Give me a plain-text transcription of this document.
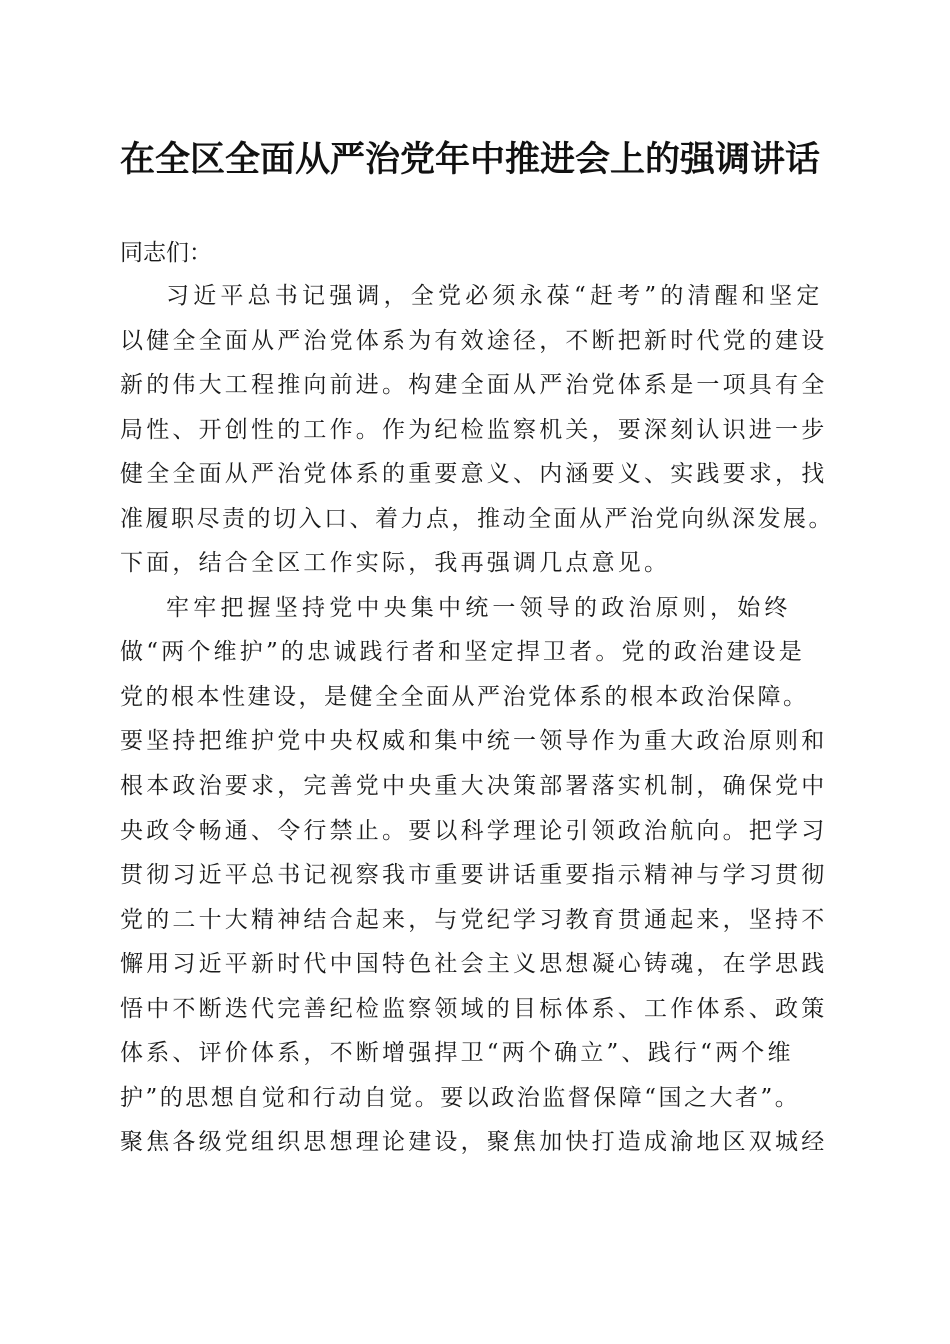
在全区全面从严治党年中推进会上的强调讲话
同志们：
习近平总书记强调，全党必须永葆“赶考”的清醒和坚定
以健全全面从严治党体系为有效途径，不断把新时代党的建设
新的伟大工程推向前进。构建全面从严治党体系是一项具有全
局性、开创性的工作。作为纪检监察机关，要深刻认识进一步
健全全面从严治党体系的重要意义、内涵要义、实践要求，找
准履职尽责的切入口、着力点，推动全面从严治党向纵深发展。
下面，结合全区工作实际，我再强调几点意见。
牢牢把握坚持党中央集中统一领导的政治原则，始终
做“两个维护”的忠诚践行者和坚定捍卫者。党的政治建设是
党的根本性建设，是健全全面从严治党体系的根本政治保障。
要坚持把维护党中央权威和集中统一领导作为重大政治原则和
根本政治要求，完善党中央重大决策部署落实机制，确保党中
央政令畅通、令行禁止。要以科学理论引领政治航向。把学习
贯彻习近平总书记视察我市重要讲话重要指示精神与学习贯彻
党的二十大精神结合起来，与党纪学习教育贯通起来，坚持不
懈用习近平新时代中国特色社会主义思想凝心铸魂，在学思践
悟中不断迭代完善纪检监察领域的目标体系、工作体系、政策
体系、评价体系，不断增强捍卫“两个确立”、践行“两个维
护”的思想自觉和行动自觉。要以政治监督保障“国之大者”。
聚焦各级党组织思想理论建设，聚焦加快打造成渝地区双城经
